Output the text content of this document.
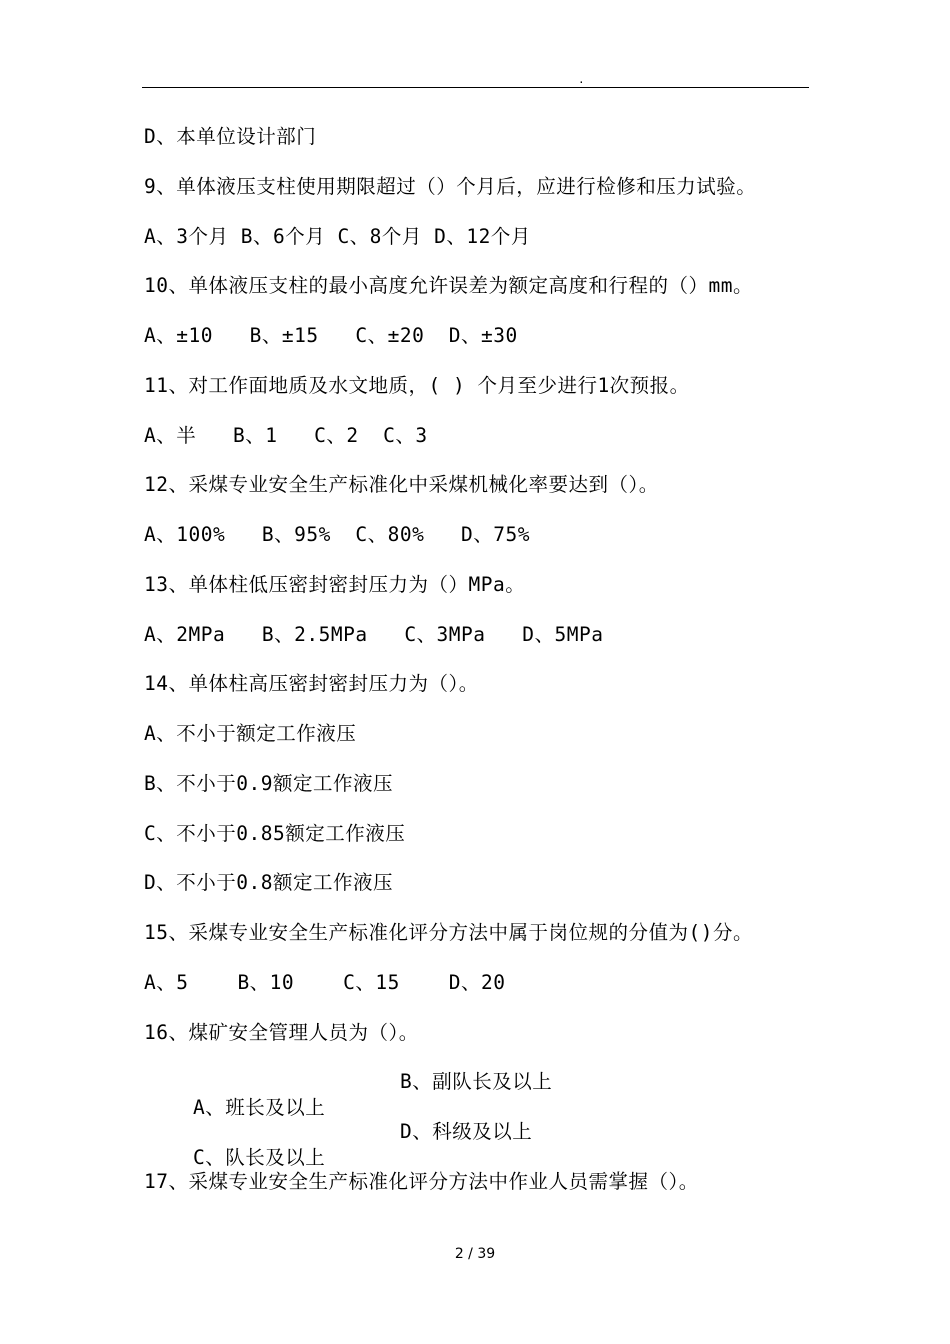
.
D、本单位设计部门
9、单体液压支柱使用期限超过（）个月后，应进行检修和压力试验。
A、3个月 B、6个月 C、8个月 D、12个月
10、单体液压支柱的最小高度允许误差为额定高度和行程的（）mm。
A、±10   B、±15   C、±20  D、±30
11、对工作面地质及水文地质，( ) 个月至少进行1次预报。
A、半   B、1   C、2  C、3
12、采煤专业安全生产标准化中采煤机械化率要达到（）。
A、100%   B、95%  C、80%   D、75%
13、单体柱低压密封密封压力为（）MPa。
A、2MPa   B、2.5MPa   C、3MPa   D、5MPa
14、单体柱高压密封密封压力为（）。
A、不小于额定工作液压
B、不小于0.9额定工作液压
C、不小于0.85额定工作液压
D、不小于0.8额定工作液压
15、采煤专业安全生产标准化评分方法中属于岗位规的分值为()分。
A、5    B、10    C、15    D、20
16、煤矿安全管理人员为（）。

A、班长及以上

B、副队长及以上

C、队长及以上

D、科级及以上

17、采煤专业安全生产标准化评分方法中作业人员需掌握（）。
2 / 39
